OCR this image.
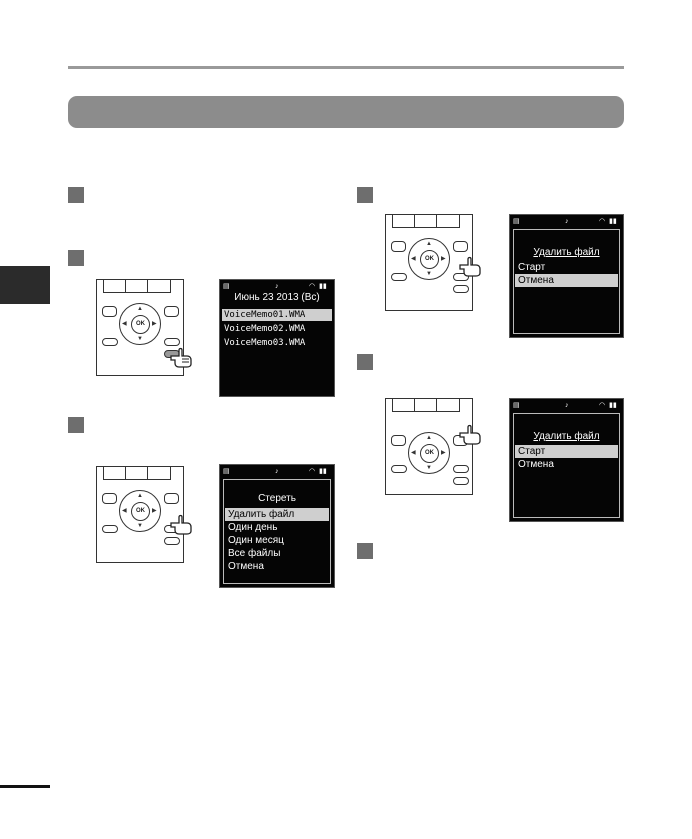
▲
▼
◀	▶
OK
▤	♪	◠ ▮▮
Июнь 23 2013 (Вс)
VoiceMemo01.WMA
VoiceMemo02.WMA
VoiceMemo03.WMA
▲
▼
◀	▶
OK
▤	♪	◠ ▮▮
Стереть
Удалить файл
Один день
Один месяц
Все файлы
Отмена
▲
▼
◀	▶
OK
▤	♪	◠ ▮▮
Удалить файл
Старт
Отмена
▲
▼
◀	▶
OK
▤	♪	◠ ▮▮
Удалить файл
Старт
Отмена
